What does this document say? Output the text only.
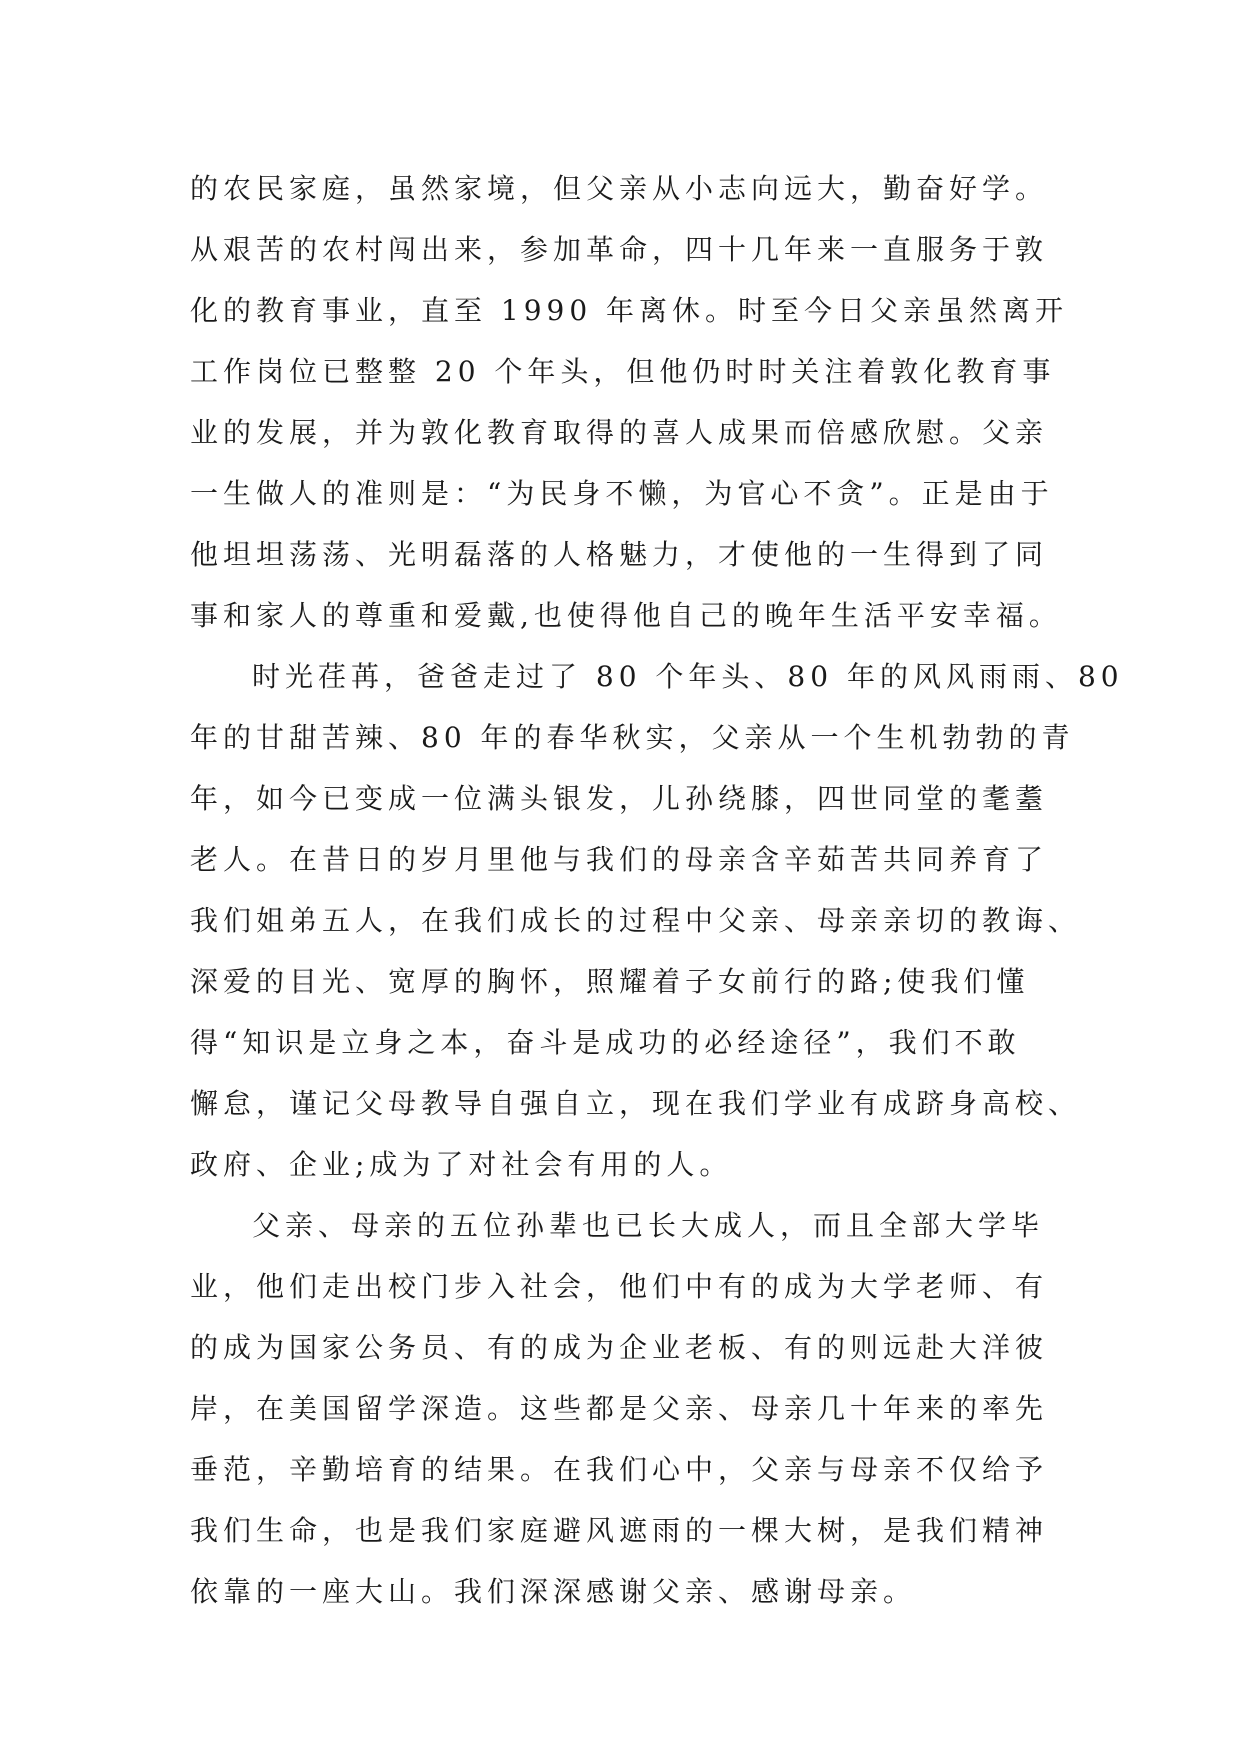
的农民家庭，虽然家境，但父亲从小志向远大，勤奋好学。
从艰苦的农村闯出来，参加革命，四十几年来一直服务于敦
化的教育事业，直至 1990 年离休。时至今日父亲虽然离开
工作岗位已整整 20 个年头，但他仍时时关注着敦化教育事
业的发展，并为敦化教育取得的喜人成果而倍感欣慰。父亲
一生做人的准则是：“为民身不懒，为官心不贪”。正是由于
他坦坦荡荡、光明磊落的人格魅力，才使他的一生得到了同
事和家人的尊重和爱戴,也使得他自己的晚年生活平安幸福。
时光荏苒，爸爸走过了 80 个年头、80 年的风风雨雨、80
年的甘甜苦辣、80 年的春华秋实，父亲从一个生机勃勃的青
年，如今已变成一位满头银发，儿孙绕膝，四世同堂的耄耋
老人。在昔日的岁月里他与我们的母亲含辛茹苦共同养育了
我们姐弟五人，在我们成长的过程中父亲、母亲亲切的教诲、
深爱的目光、宽厚的胸怀，照耀着子女前行的路;使我们懂
得“知识是立身之本，奋斗是成功的必经途径”，我们不敢
懈怠，谨记父母教导自强自立，现在我们学业有成跻身高校、
政府、企业;成为了对社会有用的人。
父亲、母亲的五位孙辈也已长大成人，而且全部大学毕
业，他们走出校门步入社会，他们中有的成为大学老师、有
的成为国家公务员、有的成为企业老板、有的则远赴大洋彼
岸，在美国留学深造。这些都是父亲、母亲几十年来的率先
垂范，辛勤培育的结果。在我们心中，父亲与母亲不仅给予
我们生命，也是我们家庭避风遮雨的一棵大树，是我们精神
依靠的一座大山。我们深深感谢父亲、感谢母亲。
